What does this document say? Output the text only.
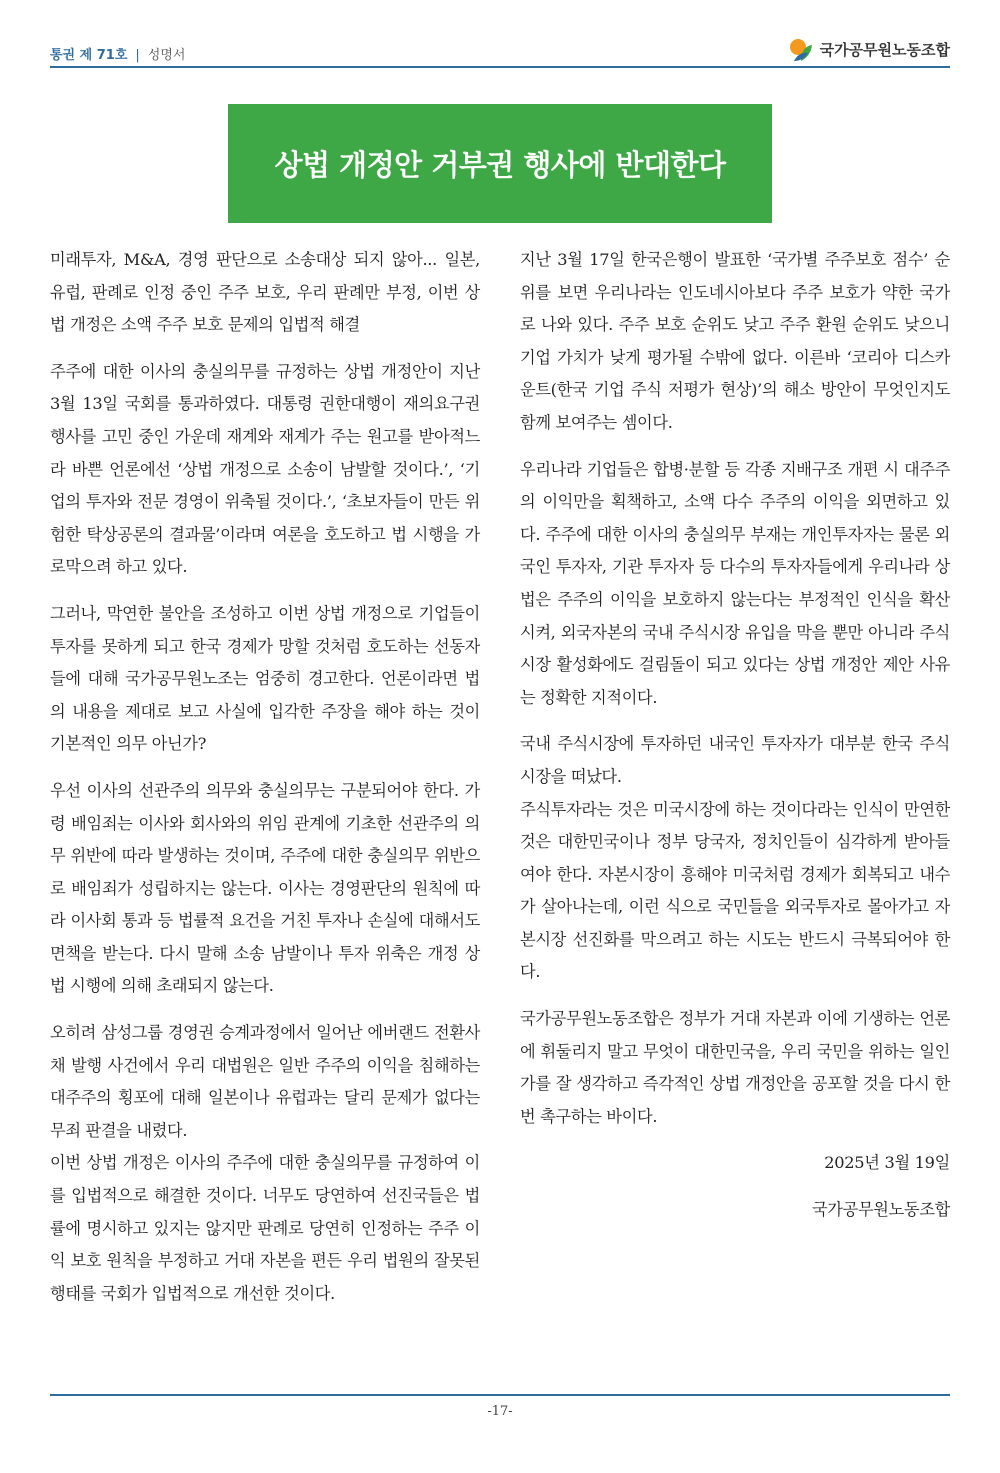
통권 제 71호 | 성명서	국가공무원노동조합
상법 개정안 거부권 행사에 반대한다

미래투자, M&A, 경영 판단으로 소송대상 되지 않아... 일본, 유럽, 판례로 인정 중인 주주 보호, 우리 판례만 부정, 이번 상법 개정은 소액 주주 보호 문제의 입법적 해결

주주에 대한 이사의 충실의무를 규정하는 상법 개정안이 지난 3월 13일 국회를 통과하였다. 대통령 권한대행이 재의요구권 행사를 고민 중인 가운데 재계와 재계가 주는 원고를 받아적느라 바쁜 언론에선 ‘상법 개정으로 소송이 남발할 것이다.’, ‘기업의 투자와 전문 경영이 위축될 것이다.’, ‘초보자들이 만든 위험한 탁상공론의 결과물’이라며 여론을 호도하고 법 시행을 가로막으려 하고 있다.

그러나, 막연한 불안을 조성하고 이번 상법 개정으로 기업들이 투자를 못하게 되고 한국 경제가 망할 것처럼 호도하는 선동자들에 대해 국가공무원노조는 엄중히 경고한다. 언론이라면 법의 내용을 제대로 보고 사실에 입각한 주장을 해야 하는 것이 기본적인 의무 아닌가?

우선 이사의 선관주의 의무와 충실의무는 구분되어야 한다. 가령 배임죄는 이사와 회사와의 위임 관계에 기초한 선관주의 의무 위반에 따라 발생하는 것이며, 주주에 대한 충실의무 위반으로 배임죄가 성립하지는 않는다. 이사는 경영판단의 원칙에 따라 이사회 통과 등 법률적 요건을 거친 투자나 손실에 대해서도 면책을 받는다. 다시 말해 소송 남발이나 투자 위축은 개정 상법 시행에 의해 초래되지 않는다.

오히려 삼성그룹 경영권 승계과정에서 일어난 에버랜드 전환사채 발행 사건에서 우리 대법원은 일반 주주의 이익을 침해하는 대주주의 횡포에 대해 일본이나 유럽과는 달리 문제가 없다는 무죄 판결을 내렸다.

이번 상법 개정은 이사의 주주에 대한 충실의무를 규정하여 이를 입법적으로 해결한 것이다. 너무도 당연하여 선진국들은 법률에 명시하고 있지는 않지만 판례로 당연히 인정하는 주주 이익 보호 원칙을 부정하고 거대 자본을 편든 우리 법원의 잘못된 행태를 국회가 입법적으로 개선한 것이다.

지난 3월 17일 한국은행이 발표한 ‘국가별 주주보호 점수’ 순위를 보면 우리나라는 인도네시아보다 주주 보호가 약한 국가로 나와 있다. 주주 보호 순위도 낮고 주주 환원 순위도 낮으니 기업 가치가 낮게 평가될 수밖에 없다. 이른바 ‘코리아 디스카운트(한국 기업 주식 저평가 현상)’의 해소 방안이 무엇인지도 함께 보여주는 셈이다.

우리나라 기업들은 합병·분할 등 각종 지배구조 개편 시 대주주의 이익만을 획책하고, 소액 다수 주주의 이익을 외면하고 있다. 주주에 대한 이사의 충실의무 부재는 개인투자자는 물론 외국인 투자자, 기관 투자자 등 다수의 투자자들에게 우리나라 상법은 주주의 이익을 보호하지 않는다는 부정적인 인식을 확산시켜, 외국자본의 국내 주식시장 유입을 막을 뿐만 아니라 주식시장 활성화에도 걸림돌이 되고 있다는 상법 개정안 제안 사유는 정확한 지적이다.

국내 주식시장에 투자하던 내국인 투자자가 대부분 한국 주식시장을 떠났다.

주식투자라는 것은 미국시장에 하는 것이다라는 인식이 만연한 것은 대한민국이나 정부 당국자, 정치인들이 심각하게 받아들여야 한다. 자본시장이 흥해야 미국처럼 경제가 회복되고 내수가 살아나는데, 이런 식으로 국민들을 외국투자로 몰아가고 자본시장 선진화를 막으려고 하는 시도는 반드시 극복되어야 한다.

국가공무원노동조합은 정부가 거대 자본과 이에 기생하는 언론에 휘둘리지 말고 무엇이 대한민국을, 우리 국민을 위하는 일인가를 잘 생각하고 즉각적인 상법 개정안을 공포할 것을 다시 한번 촉구하는 바이다.

2025년 3월 19일

국가공무원노동조합

-17-
